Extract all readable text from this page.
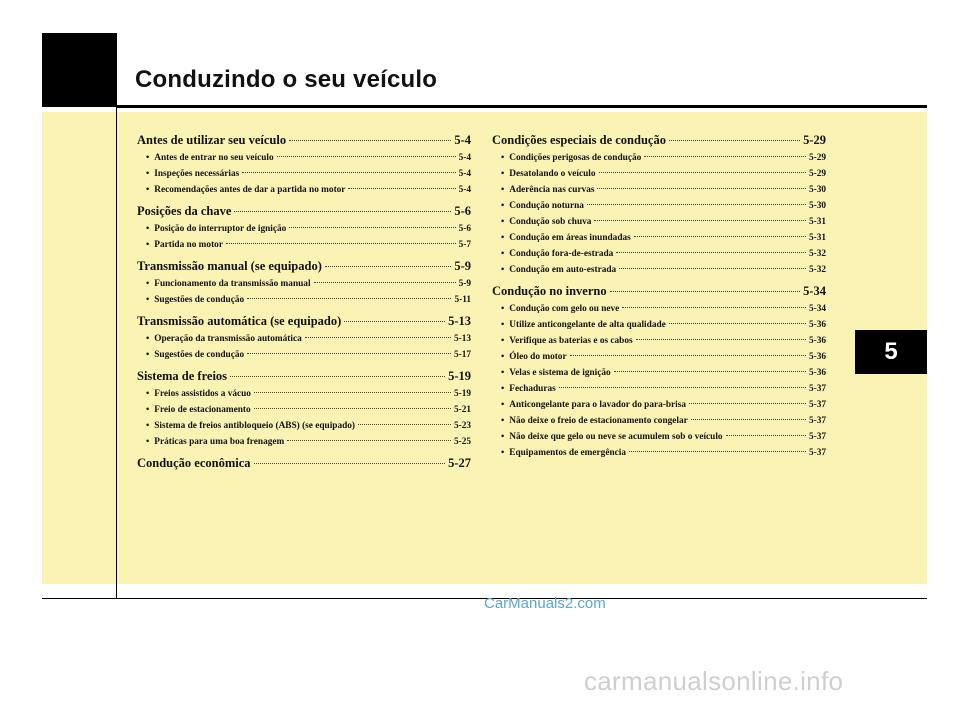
Conduzindo o seu veículo
Antes de utilizar seu veículo	5-4
• Antes de entrar no seu veículo	5-4
• Inspeções necessárias	5-4
• Recomendações antes de dar a partida no motor	5-4
Posições da chave	5-6
• Posição do interruptor de ignição	5-6
• Partida no motor	5-7
Transmissão manual (se equipado)	5-9
• Funcionamento da transmissão manual	5-9
• Sugestões de condução	5-11
Transmissão automática (se equipado)	5-13
• Operação da transmissão automática	5-13
• Sugestões de condução	5-17
Sistema de freios	5-19
• Freios assistidos a vácuo	5-19
• Freio de estacionamento	5-21
• Sistema de freios antibloqueio (ABS) (se equipado)	5-23
• Práticas para uma boa frenagem	5-25
Condução econômica	5-27
Condições especiais de condução	5-29
• Condições perigosas de condução	5-29
• Desatolando o veículo	5-29
• Aderência nas curvas	5-30
• Condução noturna	5-30
• Condução sob chuva	5-31
• Condução em áreas inundadas	5-31
• Condução fora-de-estrada	5-32
• Condução em auto-estrada	5-32
Condução no inverno	5-34
• Condução com gelo ou neve	5-34
• Utilize anticongelante de alta qualidade	5-36
• Verifique as baterias e os cabos	5-36
• Óleo do motor	5-36
• Velas e sistema de ignição	5-36
• Fechaduras	5-37
• Anticongelante para o lavador do para-brisa	5-37
• Não deixe o freio de estacionamento congelar	5-37
• Não deixe que gelo ou neve se acumulem sob o veículo	5-37
• Equipamentos de emergência	5-37
5
CarManuals2.com
carmanualsonline.info
